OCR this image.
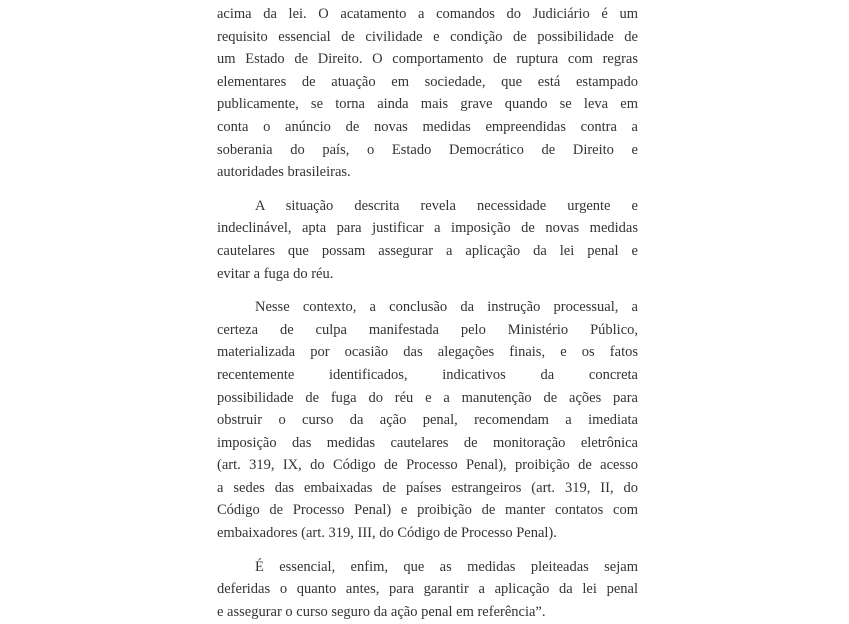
acima da lei. O acatamento a comandos do Judiciário é um
requisito essencial de civilidade e condição de possibilidade de
um Estado de Direito. O comportamento de ruptura com regras
elementares de atuação em sociedade, que está estampado
publicamente, se torna ainda mais grave quando se leva em
conta o anúncio de novas medidas empreendidas contra a
soberania do país, o Estado Democrático de Direito e
autoridades brasileiras.

A situação descrita revela necessidade urgente e
indeclinável, apta para justificar a imposição de novas medidas
cautelares que possam assegurar a aplicação da lei penal e
evitar a fuga do réu.

Nesse contexto, a conclusão da instrução processual, a
certeza de culpa manifestada pelo Ministério Público,
materializada por ocasião das alegações finais, e os fatos
recentemente identificados, indicativos da concreta
possibilidade de fuga do réu e a manutenção de ações para
obstruir o curso da ação penal, recomendam a imediata
imposição das medidas cautelares de monitoração eletrônica
(art. 319, IX, do Código de Processo Penal), proibição de acesso
a sedes das embaixadas de países estrangeiros (art. 319, II, do
Código de Processo Penal) e proibição de manter contatos com
embaixadores (art. 319, III, do Código de Processo Penal).

É essencial, enfim, que as medidas pleiteadas sejam
deferidas o quanto antes, para garantir a aplicação da lei penal
e assegurar o curso seguro da ação penal em referência”.
